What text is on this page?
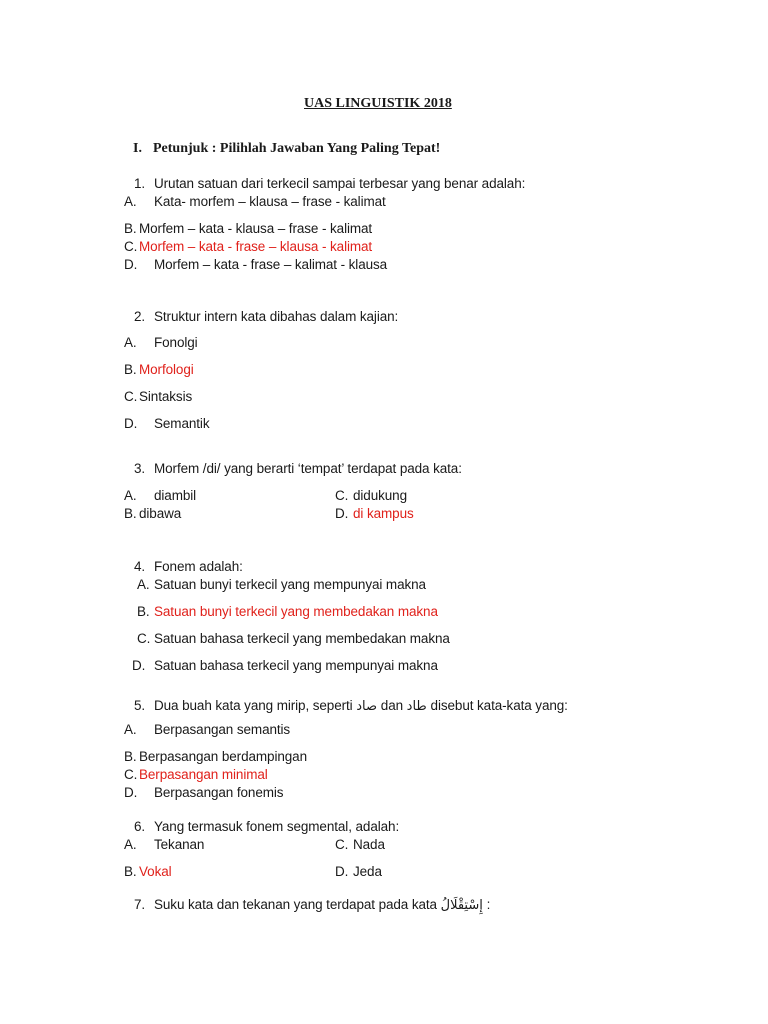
UAS LINGUISTIK 2018
I. Petunjuk : Pilihlah Jawaban Yang Paling Tepat!
1. Urutan satuan dari terkecil sampai terbesar yang benar adalah:
A. Kata- morfem – klausa – frase - kalimat
B. Morfem – kata - klausa – frase - kalimat
C. Morfem – kata - frase – klausa - kalimat
D. Morfem – kata - frase – kalimat - klausa
2. Struktur intern kata dibahas dalam kajian:
A. Fonolgi
B. Morfologi
C. Sintaksis
D. Semantik
3. Morfem /di/ yang berarti ‘tempat’ terdapat pada kata:
A. diambil
B. dibawa
C. didukung
D. di kampus
4. Fonem adalah:
A. Satuan bunyi terkecil yang mempunyai makna
B. Satuan bunyi terkecil yang membedakan makna
C. Satuan bahasa terkecil yang membedakan makna
D. Satuan bahasa terkecil yang mempunyai makna
5. Dua buah kata yang mirip, seperti صاد dan طاد disebut kata-kata yang:
A. Berpasangan semantis
B. Berpasangan berdampingan
C. Berpasangan minimal
D. Berpasangan fonemis
6. Yang termasuk fonem segmental, adalah:
A. Tekanan
B. Vokal
C. Nada
D. Jeda
7. Suku kata dan tekanan yang terdapat pada kata إِسْتِقْلَالُ :
